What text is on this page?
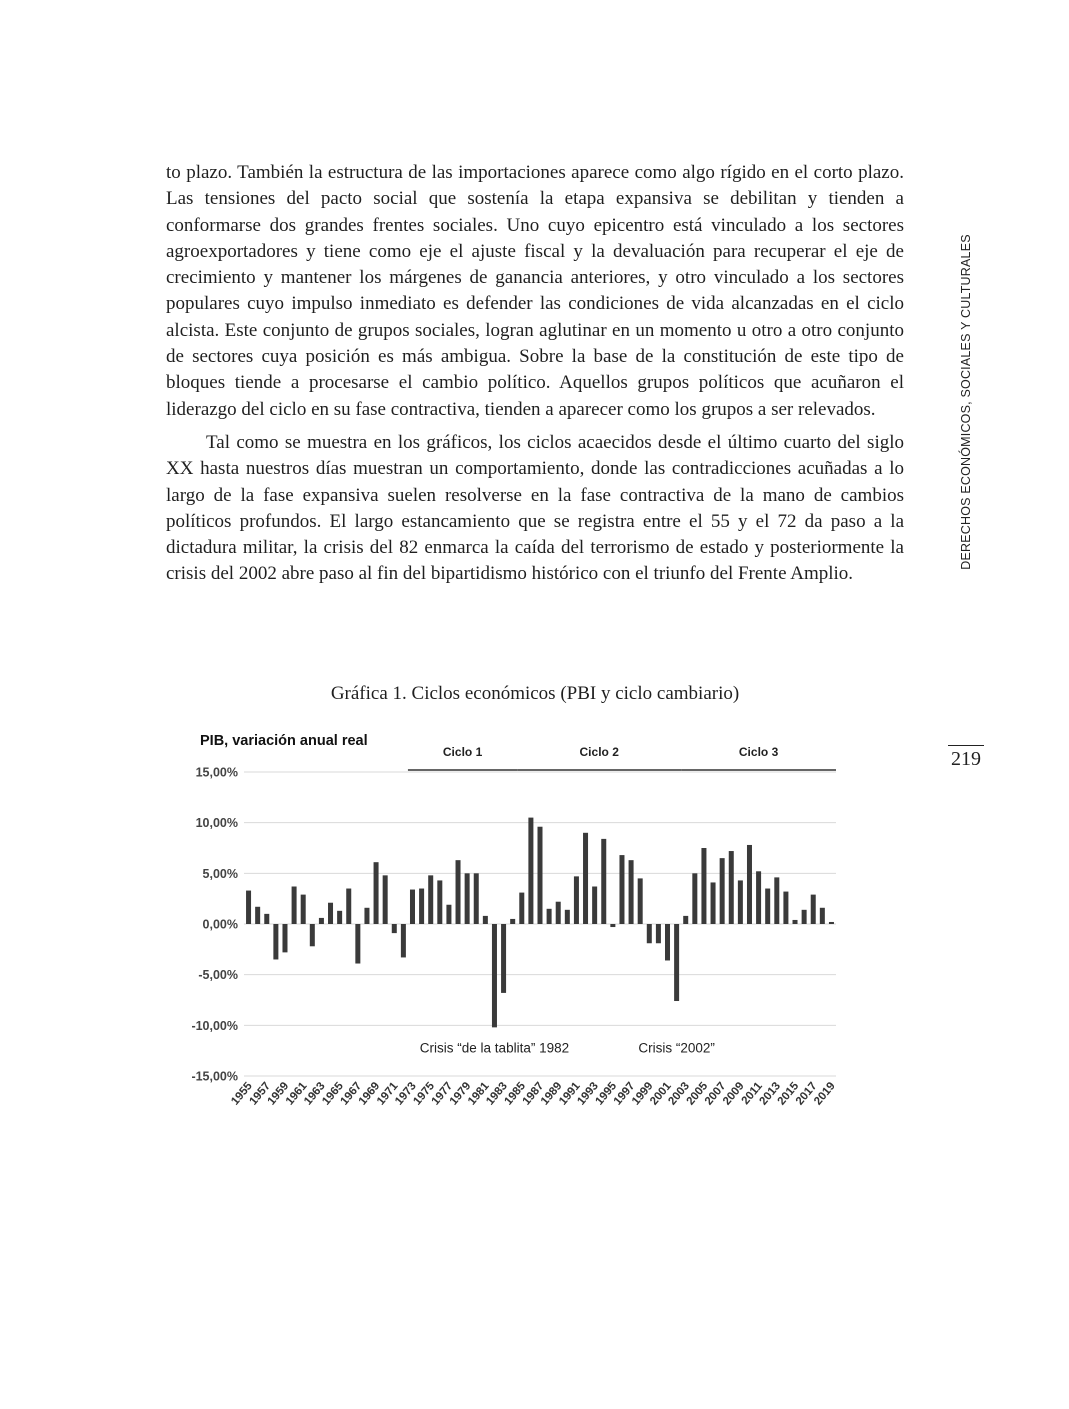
to plazo. También la estructura de las importaciones aparece como algo rígido en el corto plazo. Las tensiones del pacto social que sostenía la etapa expansiva se debilitan y tienden a conformarse dos grandes frentes sociales. Uno cuyo epicentro está vinculado a los sectores agroexportadores y tiene como eje el ajuste fiscal y la devaluación para recuperar el eje de crecimiento y mantener los márgenes de ganancia anteriores, y otro vinculado a los sectores populares cuyo impulso inmediato es defender las condiciones de vida alcanzadas en el ciclo alcista. Este conjunto de grupos sociales, logran aglutinar en un momento u otro a otro conjunto de sectores cuya posición es más ambigua. Sobre la base de la constitución de este tipo de bloques tiende a procesarse el cambio político. Aquellos grupos políticos que acuñaron el liderazgo del ciclo en su fase contractiva, tienden a aparecer como los grupos a ser relevados.

Tal como se muestra en los gráficos, los ciclos acaecidos desde el último cuarto del siglo XX hasta nuestros días muestran un comportamiento, donde las contradicciones acuñadas a lo largo de la fase expansiva suelen resolverse en la fase contractiva de la mano de cambios políticos profundos. El largo estancamiento que se registra entre el 55 y el 72 da paso a la dictadura militar, la crisis del 82 enmarca la caída del terrorismo de estado y posteriormente la crisis del 2002 abre paso al fin del bipartidismo histórico con el triunfo del Frente Amplio.

DERECHOS ECONÓMICOS, SOCIALES Y CULTURALES
219
Gráfica 1. Ciclos económicos (PBI y ciclo cambiario)
PIB, variación anual real
15,00%
10,00%
5,00%
0,00%
-5,00%
-10,00%
-15,00%
Ciclo 1	Ciclo 2	Ciclo 3
Crisis “de la tablita” 1982	Crisis “2002”
1955
1957
1959
1961
1963
1965
1967
1969
1971
1973
1975
1977
1979
1981
1983
1985
1987
1989
1991
1993
1995
1997
1999
2001
2003
2005
2007
2009
2011
2013
2015
2017
2019
